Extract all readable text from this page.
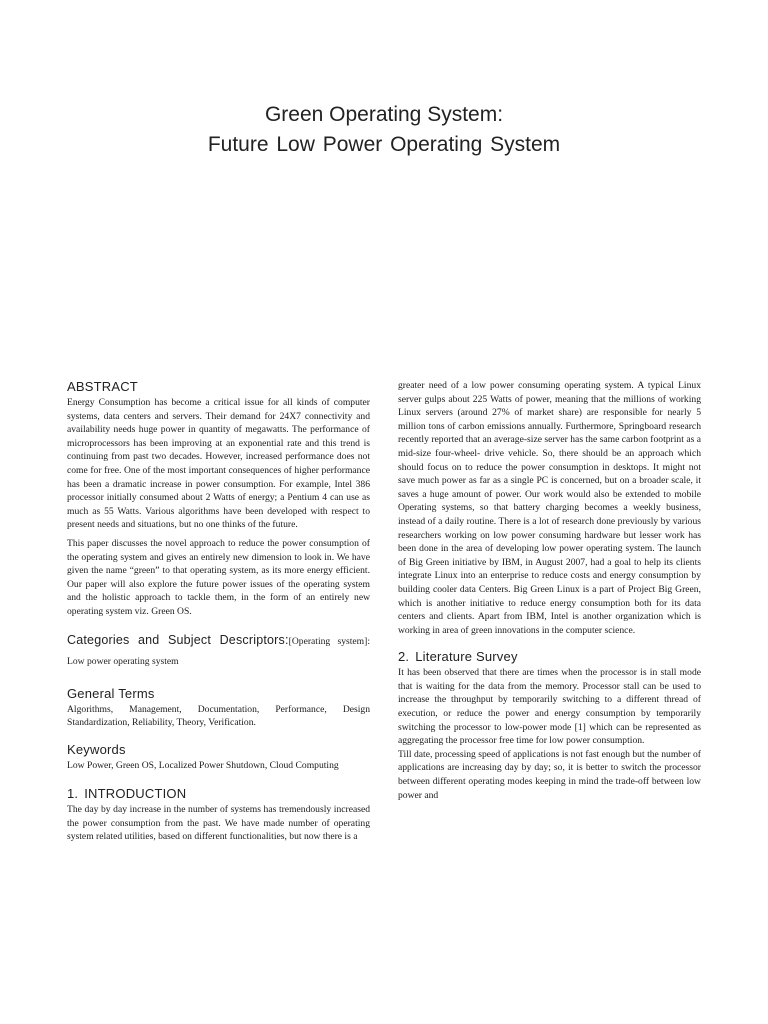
Green Operating System:
Future Low Power Operating System
ABSTRACT

Energy Consumption has become a critical issue for all kinds of computer systems, data centers and servers. Their demand for 24X7 connectivity and availability needs huge power in quantity of megawatts. The performance of microprocessors has been improving at an exponential rate and this trend is continuing from past two decades. However, increased performance does not come for free. One of the most important consequences of higher performance has been a dramatic increase in power consumption. For example, Intel 386 processor initially consumed about 2 Watts of energy; a Pentium 4 can use as much as 55 Watts. Various algorithms have been developed with respect to present needs and situations, but no one thinks of the future.

This paper discusses the novel approach to reduce the power consumption of the operating system and gives an entirely new dimension to look in. We have given the name “green” to that operating system, as its more energy efficient. Our paper will also explore the future power issues of the operating system and the holistic approach to tackle them, in the form of an entirely new operating system viz. Green OS.

Categories and Subject Descriptors:[Operating system]: Low power operating system
General Terms

Algorithms, Management, Documentation, Performance, Design Standardization, Reliability, Theory, Verification.

Keywords

Low Power, Green OS, Localized Power Shutdown, Cloud Computing

1. INTRODUCTION

The day by day increase in the number of systems has tremendously increased the power consumption from the past. We have made number of operating system related utilities, based on different functionalities, but now there is a

greater need of a low power consuming operating system. A typical Linux server gulps about 225 Watts of power, meaning that the millions of working Linux servers (around 27% of market share) are responsible for nearly 5 million tons of carbon emissions annually. Furthermore, Springboard research recently reported that an average-size server has the same carbon footprint as a mid-size four-wheel- drive vehicle. So, there should be an approach which should focus on to reduce the power consumption in desktops. It might not save much power as far as a single PC is concerned, but on a broader scale, it saves a huge amount of power. Our work would also be extended to mobile Operating systems, so that battery charging becomes a weekly business, instead of a daily routine. There is a lot of research done previously by various researchers working on low power consuming hardware but lesser work has been done in the area of developing low power operating system. The launch of Big Green initiative by IBM, in August 2007, had a goal to help its clients integrate Linux into an enterprise to reduce costs and energy consumption by building cooler data Centers. Big Green Linux is a part of Project Big Green, which is another initiative to reduce energy consumption both for its data centers and clients. Apart from IBM, Intel is another organization which is working in area of green innovations in the computer science.

2. Literature Survey

It has been observed that there are times when the processor is in stall mode that is waiting for the data from the memory. Processor stall can be used to increase the throughput by temporarily switching to a different thread of execution, or reduce the power and energy consumption by temporarily switching the processor to low-power mode [1] which can be represented as aggregating the processor free time for low power consumption.

Till date, processing speed of applications is not fast enough but the number of applications are increasing day by day; so, it is better to switch the processor between different operating modes keeping in mind the trade-off between low power and
